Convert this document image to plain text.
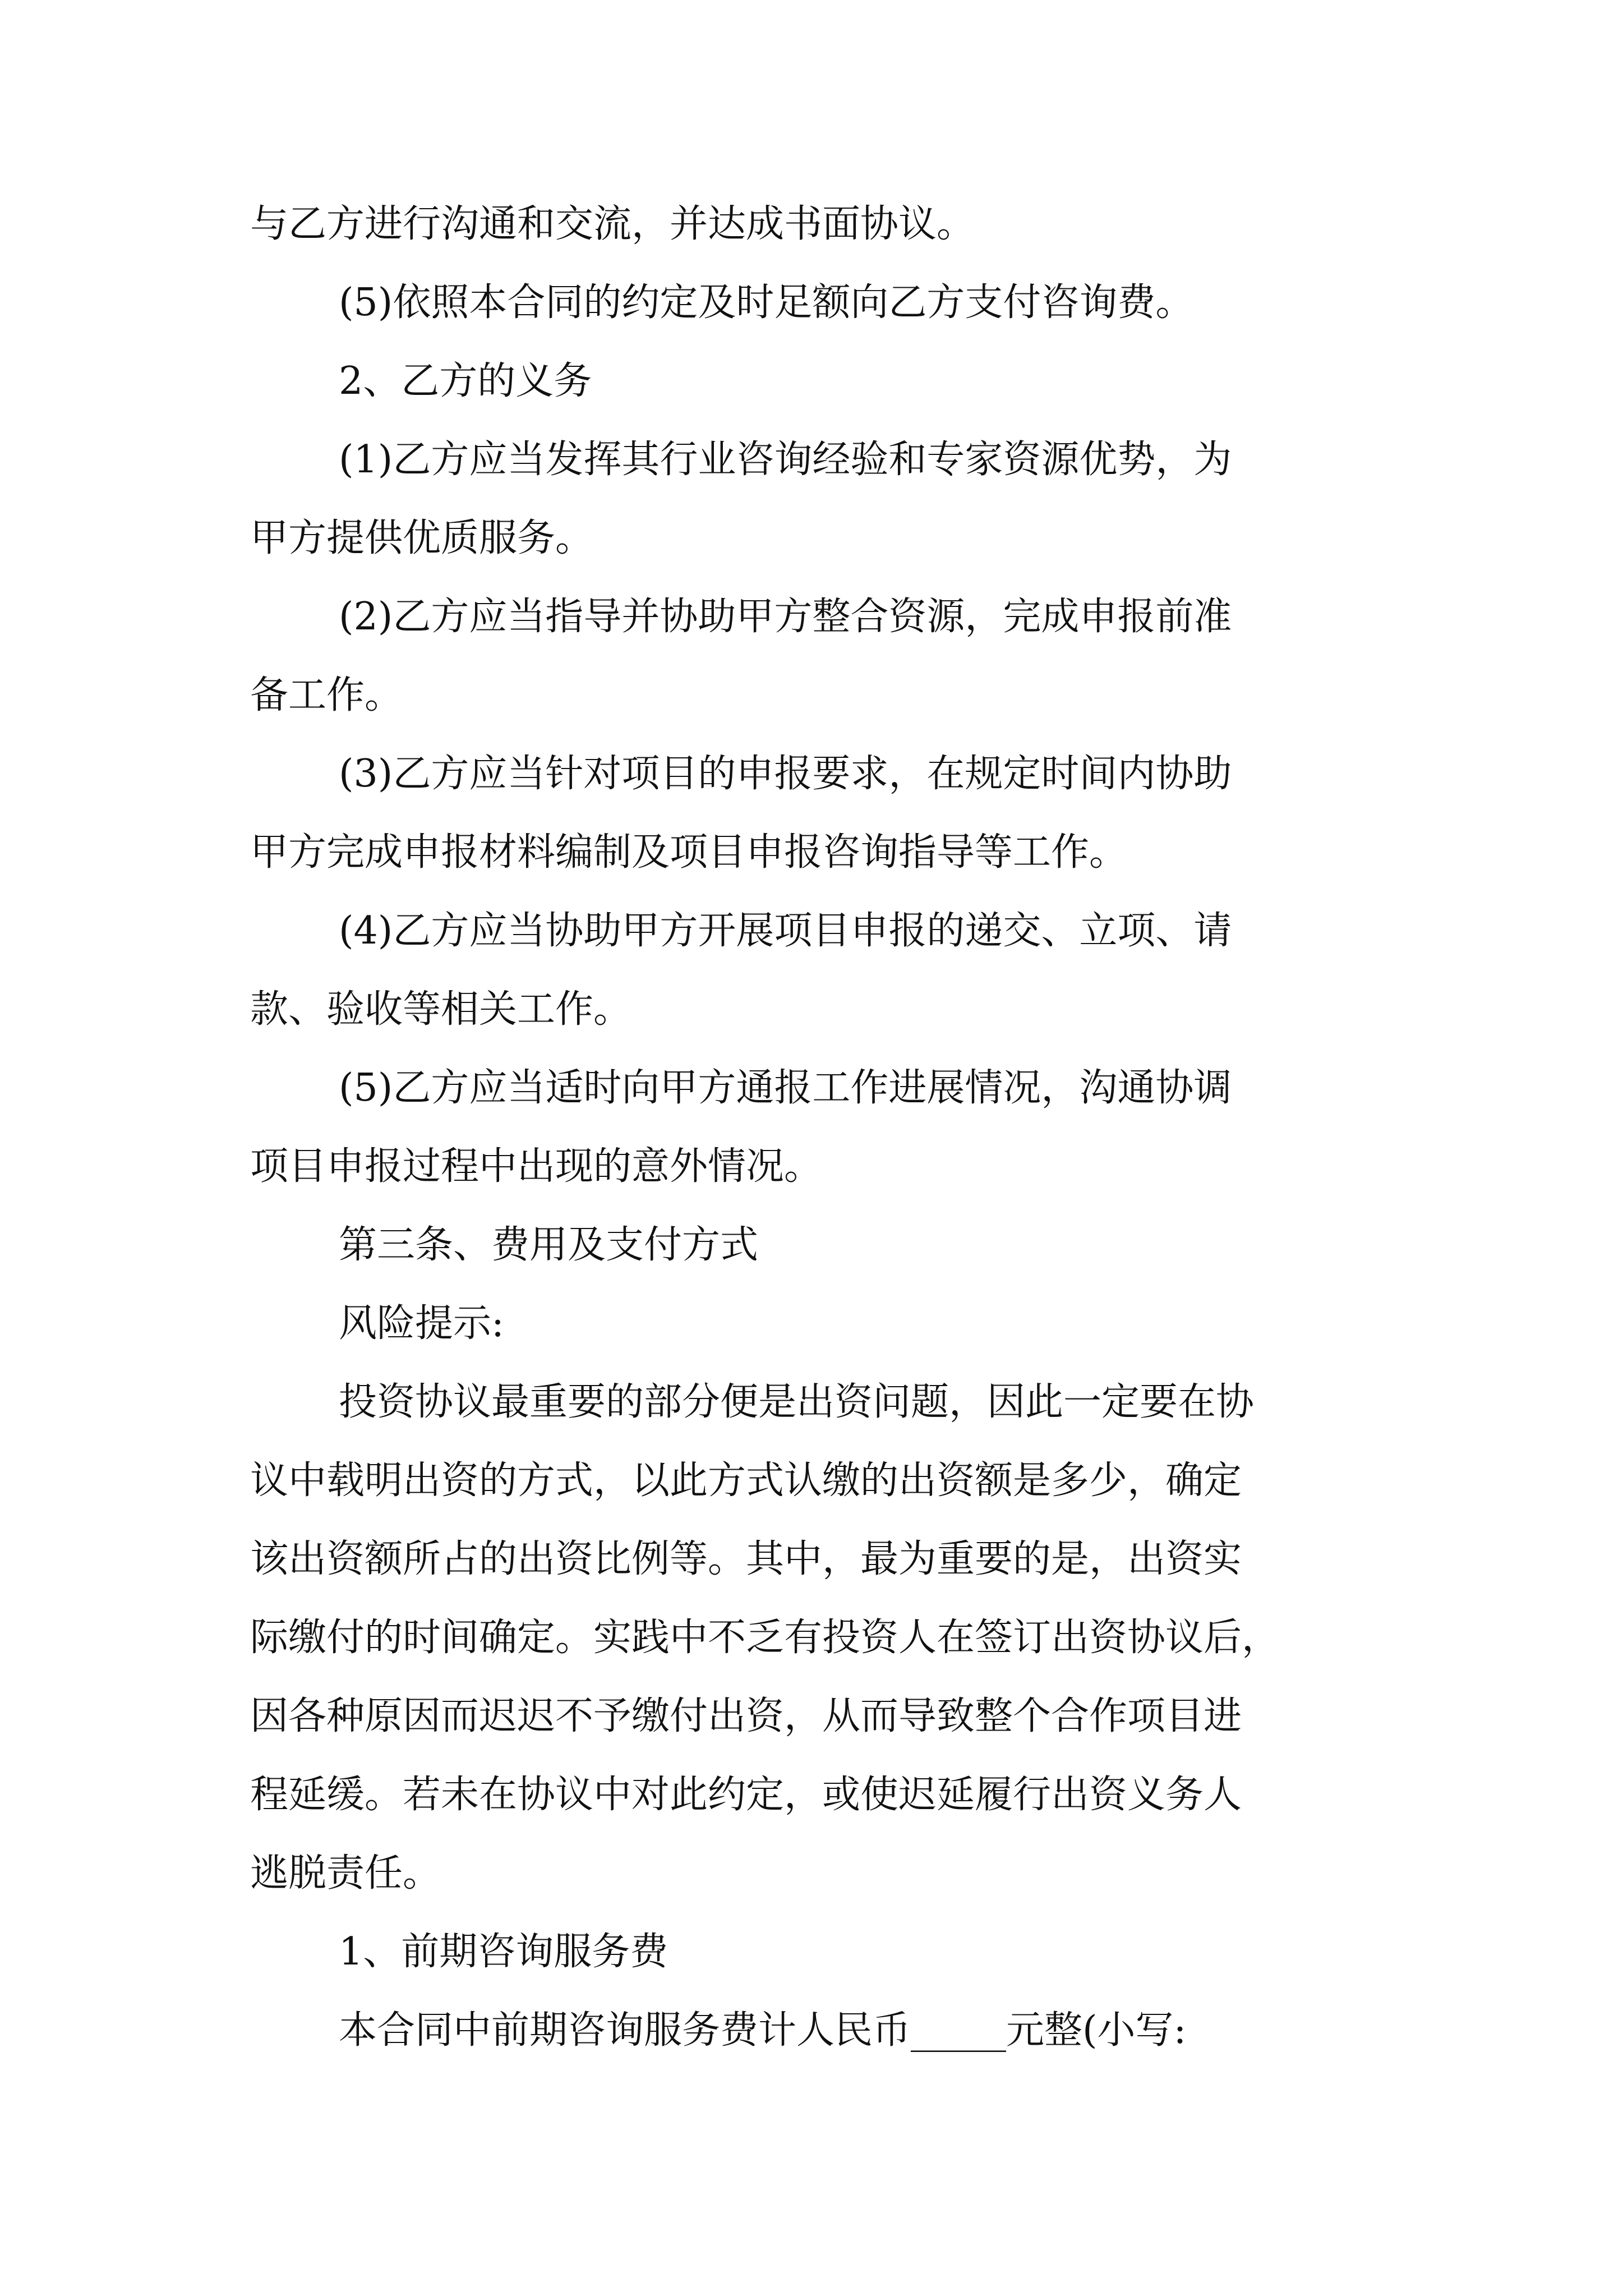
与乙方进行沟通和交流，并达成书面协议。
(5)依照本合同的约定及时足额向乙方支付咨询费。
2、乙方的义务
(1)乙方应当发挥其行业咨询经验和专家资源优势，为
甲方提供优质服务。
(2)乙方应当指导并协助甲方整合资源，完成申报前准
备工作。
(3)乙方应当针对项目的申报要求，在规定时间内协助
甲方完成申报材料编制及项目申报咨询指导等工作。
(4)乙方应当协助甲方开展项目申报的递交、立项、请
款、验收等相关工作。
(5)乙方应当适时向甲方通报工作进展情况，沟通协调
项目申报过程中出现的意外情况。
第三条、费用及支付方式
风险提示:
投资协议最重要的部分便是出资问题，因此一定要在协
议中载明出资的方式，以此方式认缴的出资额是多少，确定
该出资额所占的出资比例等。其中，最为重要的是，出资实
际缴付的时间确定。实践中不乏有投资人在签订出资协议后，
因各种原因而迟迟不予缴付出资，从而导致整个合作项目进
程延缓。若未在协议中对此约定，或使迟延履行出资义务人
逃脱责任。
1、前期咨询服务费
本合同中前期咨询服务费计人民币_____元整(小写:
